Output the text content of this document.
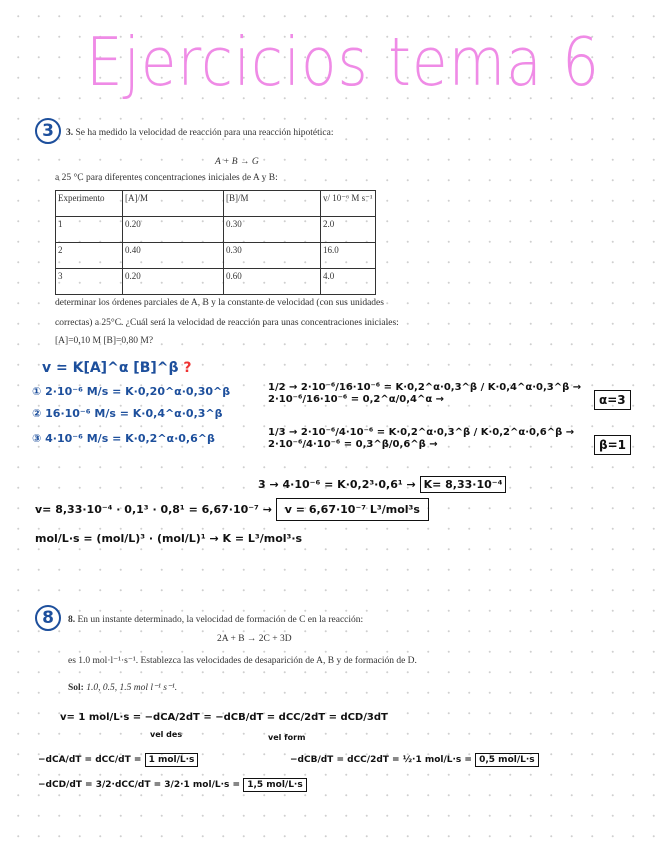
Ejercicios tema 6
3	3. Se ha medido la velocidad de reacción para una reacción hipotética:
A + B → G
a 25 °C para diferentes concentraciones iniciales de A y B:
Experimento	[A]/M	[B]/M	v/ 10⁻⁶ M s⁻¹
1	0.20	0.30	2.0
2	0.40	0.30	16.0
3	0.20	0.60	4.0
determinar los órdenes parciales de A, B y la constante de velocidad (con sus unidades
correctas) a 25°C. ¿Cuál será la velocidad de reacción para unas concentraciones iniciales:
[A]=0,10 M [B]=0,80 M?
v = K[A]^α [B]^β ?
① 2·10⁻⁶ M/s = K·0,20^α·0,30^β
② 16·10⁻⁶ M/s = K·0,4^α·0,3^β
③ 4·10⁻⁶ M/s = K·0,2^α·0,6^β
1/2 → 2·10⁻⁶/16·10⁻⁶ = K·0,2^α·0,3^β / K·0,4^α·0,3^β → 2·10⁻⁶/16·10⁻⁶ = 0,2^α/0,4^α →	α=3
1/3 → 2·10⁻⁶/4·10⁻⁶ = K·0,2^α·0,3^β / K·0,2^α·0,6^β → 2·10⁻⁶/4·10⁻⁶ = 0,3^β/0,6^β →	β=1
3 → 4·10⁻⁶ = K·0,2³·0,6¹ → K= 8,33·10⁻⁴
v= 8,33·10⁻⁴ · 0,1³ · 0,8¹ = 6,67·10⁻⁷ → v = 6,67·10⁻⁷ L³/mol³s
mol/L·s = (mol/L)³ · (mol/L)¹ → K = L³/mol³·s
8	8. En un instante determinado, la velocidad de formación de C en la reacción:
2A + B → 2C + 3D
es 1.0 mol·l⁻¹·s⁻¹. Establezca las velocidades de desaparición de A, B y de formación de D.
Sol: 1.0, 0.5, 1.5 mol l⁻¹ s⁻¹.
v= 1 mol/L·s = −dCA/2dT = −dCB/dT = dCC/2dT = dCD/3dT
vel des	vel form
−dCA/dT = dCC/dT = 1 mol/L·s	−dCB/dT = dCC/2dT = ½·1 mol/L·s = 0,5 mol/L·s
−dCD/dT = 3/2·dCC/dT = 3/2·1 mol/L·s = 1,5 mol/L·s
